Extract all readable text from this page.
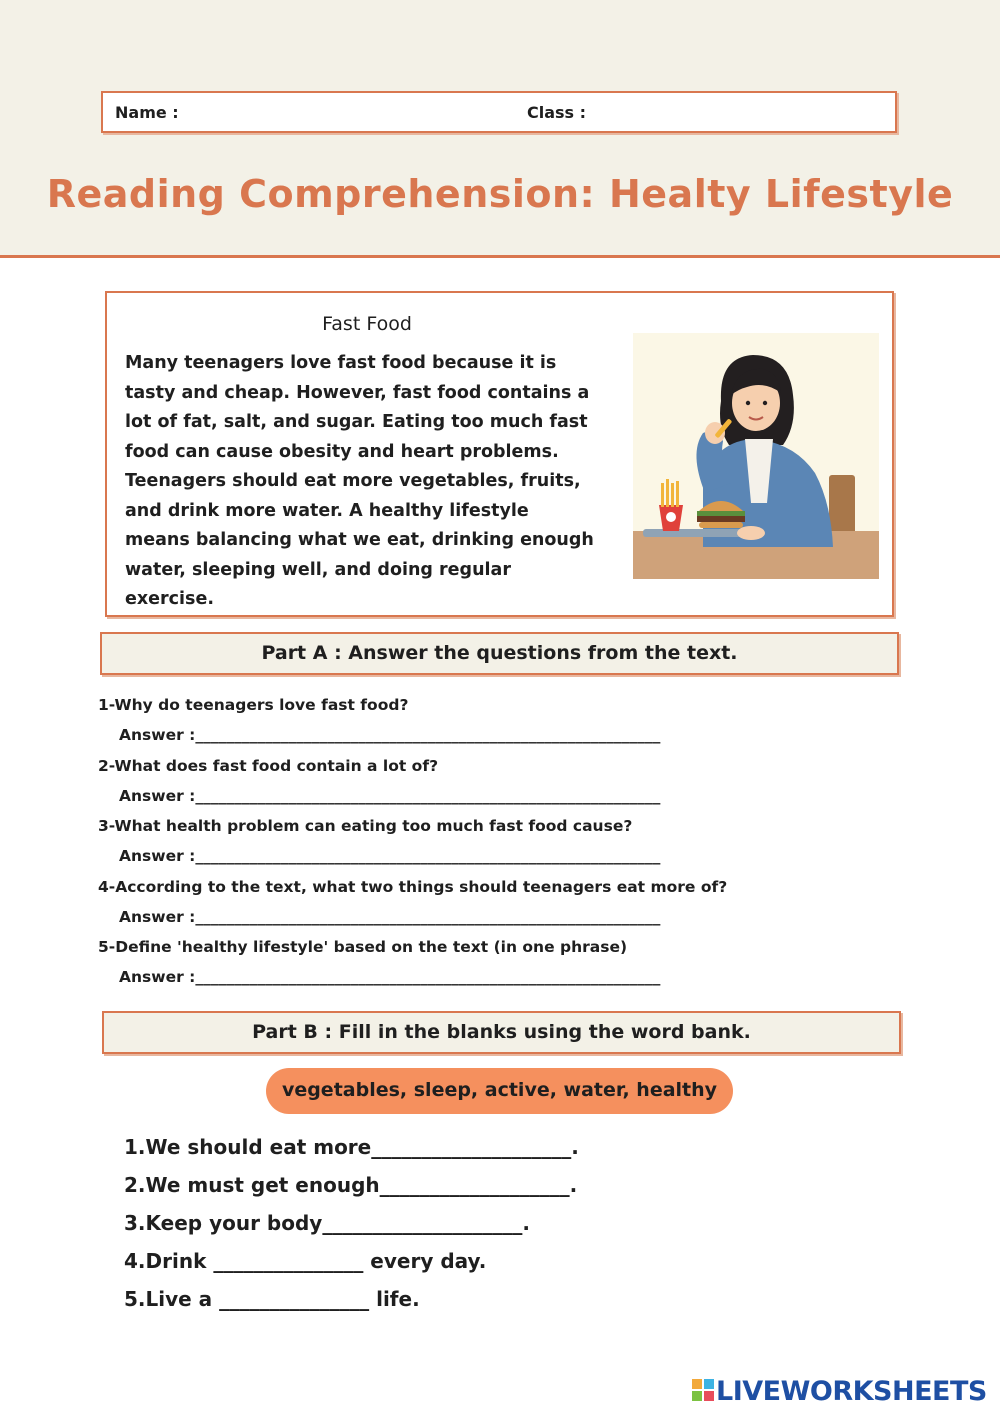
Name :	Class :
Reading Comprehension: Healty Lifestyle
Fast Food
Many teenagers love fast food because it is tasty and cheap. However, fast food contains a lot of fat, salt, and sugar. Eating too much fast food can cause obesity and heart problems. Teenagers should eat more vegetables, fruits, and drink more water. A healthy lifestyle means balancing what we eat, drinking enough water, sleeping well, and doing regular exercise.
Part A : Answer the questions from the text.
1-Why do teenagers love fast food?
Answer :____________________________________________________________
2-What does fast food contain a lot of?
Answer :____________________________________________________________
3-What health problem can eating too much fast food cause?
Answer :____________________________________________________________
4-According to the text, what two things should teenagers eat more of?
Answer :____________________________________________________________
5-Define 'healthy lifestyle' based on the text (in one phrase)
Answer :____________________________________________________________
Part B : Fill in the blanks using the word bank.
vegetables, sleep, active, water, healthy
1.We should eat more____________________.
2.We must get enough___________________.
3.Keep your body____________________.
4.Drink _______________ every day.
5.Live a _______________ life.
LIVEWORKSHEETS
